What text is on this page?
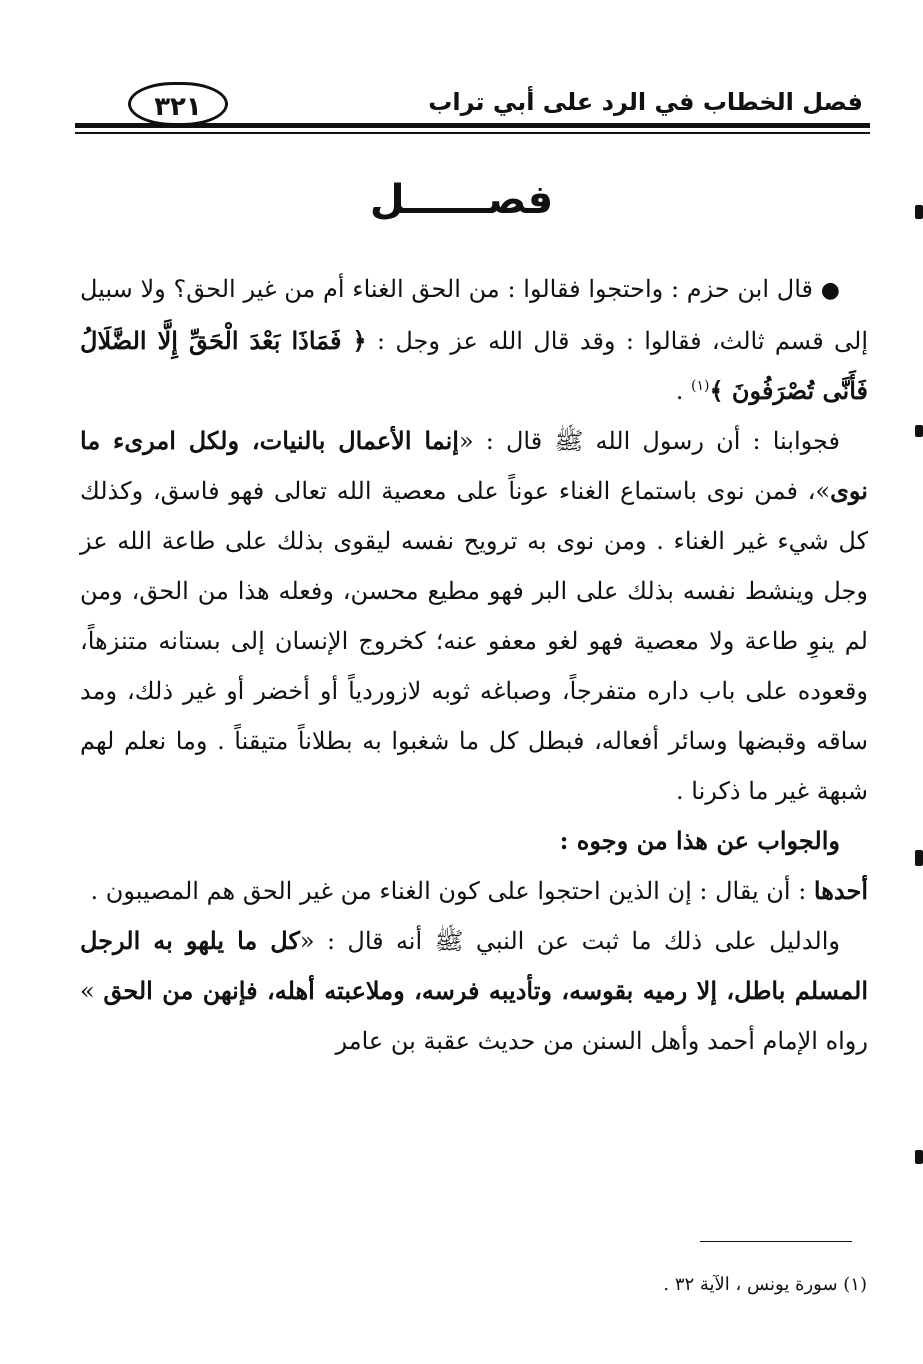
فصل الخطاب في الرد على أبي تراب
٣٢١
فصــــــل

● قال ابن حزم : واحتجوا فقالوا : من الحق الغناء أم من غير الحق؟ ولا سبيل إلى قسم ثالث، فقالوا : وقد قال الله عز وجل : ﴿ فَمَاذَا بَعْدَ الْحَقِّ إِلَّا الضَّلَالُ فَأَنَّى تُصْرَفُونَ ﴾$^{(١)}$ .

فجوابنا : أن رسول الله ﷺ قال : «إنما الأعمال بالنيات، ولكل امرىء ما نوى»، فمن نوى باستماع الغناء عوناً على معصية الله تعالى فهو فاسق، وكذلك كل شيء غير الغناء . ومن نوى به ترويح نفسه ليقوى بذلك على طاعة الله عز وجل وينشط نفسه بذلك على البر فهو مطيع محسن، وفعله هذا من الحق، ومن لم ينوِ طاعة ولا معصية فهو لغو معفو عنه؛ كخروج الإنسان إلى بستانه متنزهاً، وقعوده على باب داره متفرجاً، وصباغه ثوبه لازوردياً أو أخضر أو غير ذلك، ومد ساقه وقبضها وسائر أفعاله، فبطل كل ما شغبوا به بطلاناً متيقناً . وما نعلم لهم شبهة غير ما ذكرنا .

والجواب عن هذا من وجوه :

أحدها : أن يقال : إن الذين احتجوا على كون الغناء من غير الحق هم المصيبون .

والدليل على ذلك ما ثبت عن النبي ﷺ أنه قال : «كل ما يلهو به الرجل المسلم باطل، إلا رميه بقوسه، وتأديبه فرسه، وملاعبته أهله، فإنهن من الحق » رواه الإمام أحمد وأهل السنن من حديث عقبة بن عامر

(١) سورة يونس ، الآية ٣٢ .
